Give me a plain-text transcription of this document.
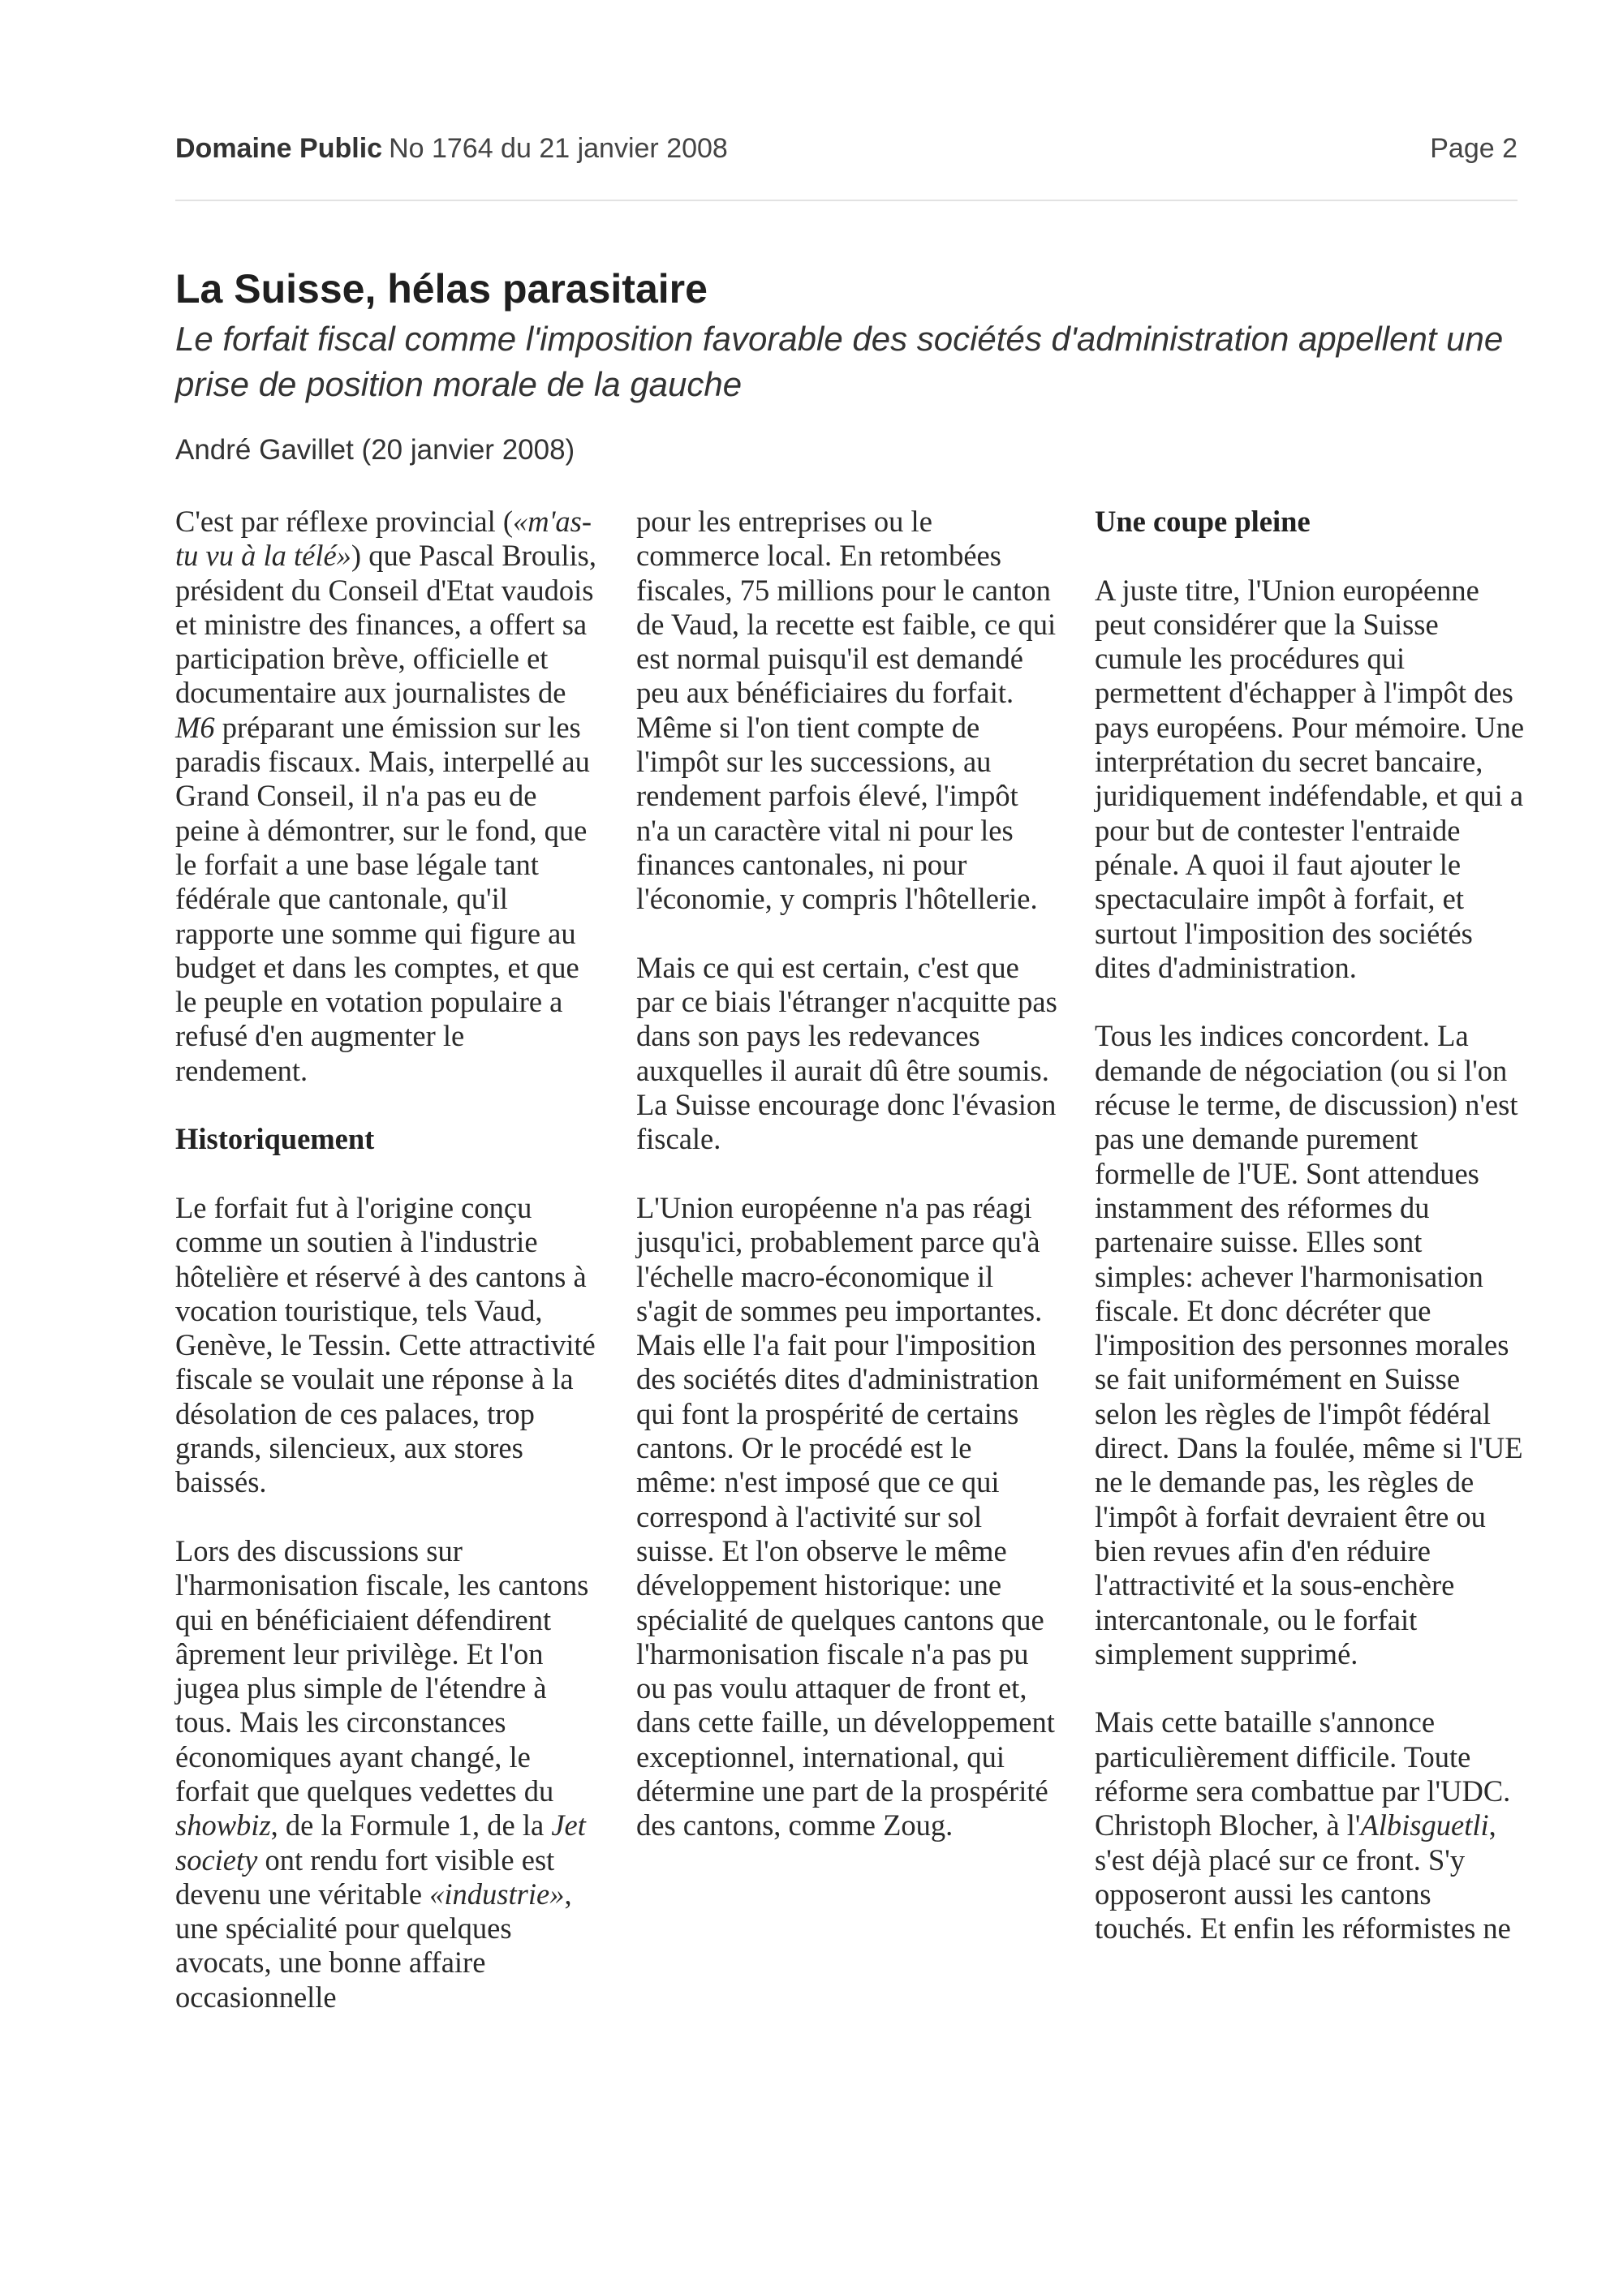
Domaine Public No 1764 du 21 janvier 2008	Page 2
La Suisse, hélas parasitaire

Le forfait fiscal comme l'imposition favorable des sociétés d'administration appellent une prise de position morale de la gauche

André Gavillet (20 janvier 2008)

C'est par réflexe provincial («m'as-tu vu à la télé») que Pascal Broulis, président du Conseil d'Etat vaudois et ministre des finances, a offert sa participation brève, officielle et documentaire aux journalistes de M6 préparant une émission sur les paradis fiscaux. Mais, interpellé au Grand Conseil, il n'a pas eu de peine à démontrer, sur le fond, que le forfait a une base légale tant fédérale que cantonale, qu'il rapporte une somme qui figure au budget et dans les comptes, et que le peuple en votation populaire a refusé d'en augmenter le rendement.

Historiquement

Le forfait fut à l'origine conçu comme un soutien à l'industrie hôtelière et réservé à des cantons à vocation touristique, tels Vaud, Genève, le Tessin. Cette attractivité fiscale se voulait une réponse à la désolation de ces palaces, trop grands, silencieux, aux stores baissés.

Lors des discussions sur l'harmonisation fiscale, les cantons qui en bénéficiaient défendirent âprement leur privilège. Et l'on jugea plus simple de l'étendre à tous. Mais les circonstances économiques ayant changé, le forfait que quelques vedettes du showbiz, de la Formule 1, de la Jet society ont rendu fort visible est devenu une véritable «industrie», une spécialité pour quelques avocats, une bonne affaire occasionnelle

pour les entreprises ou le commerce local. En retombées fiscales, 75 millions pour le canton de Vaud, la recette est faible, ce qui est normal puisqu'il est demandé peu aux bénéficiaires du forfait. Même si l'on tient compte de l'impôt sur les successions, au rendement parfois élevé, l'impôt n'a un caractère vital ni pour les finances cantonales, ni pour l'économie, y compris l'hôtellerie.

Mais ce qui est certain, c'est que par ce biais l'étranger n'acquitte pas dans son pays les redevances auxquelles il aurait dû être soumis. La Suisse encourage donc l'évasion fiscale.

L'Union européenne n'a pas réagi jusqu'ici, probablement parce qu'à l'échelle macro-économique il s'agit de sommes peu importantes. Mais elle l'a fait pour l'imposition des sociétés dites d'administration qui font la prospérité de certains cantons. Or le procédé est le même: n'est imposé que ce qui correspond à l'activité sur sol suisse. Et l'on observe le même développement historique: une spécialité de quelques cantons que l'harmonisation fiscale n'a pas pu ou pas voulu attaquer de front et, dans cette faille, un développement exceptionnel, international, qui détermine une part de la prospérité des cantons, comme Zoug.

Une coupe pleine

A juste titre, l'Union européenne peut considérer que la Suisse cumule les procédures qui permettent d'échapper à l'impôt des pays européens. Pour mémoire. Une interprétation du secret bancaire, juridiquement indéfendable, et qui a pour but de contester l'entraide pénale. A quoi il faut ajouter le spectaculaire impôt à forfait, et surtout l'imposition des sociétés dites d'administration.

Tous les indices concordent. La demande de négociation (ou si l'on récuse le terme, de discussion) n'est pas une demande purement formelle de l'UE. Sont attendues instamment des réformes du partenaire suisse. Elles sont simples: achever l'harmonisation fiscale. Et donc décréter que l'imposition des personnes morales se fait uniformément en Suisse selon les règles de l'impôt fédéral direct. Dans la foulée, même si l'UE ne le demande pas, les règles de l'impôt à forfait devraient être ou bien revues afin d'en réduire l'attractivité et la sous-enchère intercantonale, ou le forfait simplement supprimé.

Mais cette bataille s'annonce particulièrement difficile. Toute réforme sera combattue par l'UDC. Christoph Blocher, à l'Albisguetli, s'est déjà placé sur ce front. S'y opposeront aussi les cantons touchés. Et enfin les réformistes ne
